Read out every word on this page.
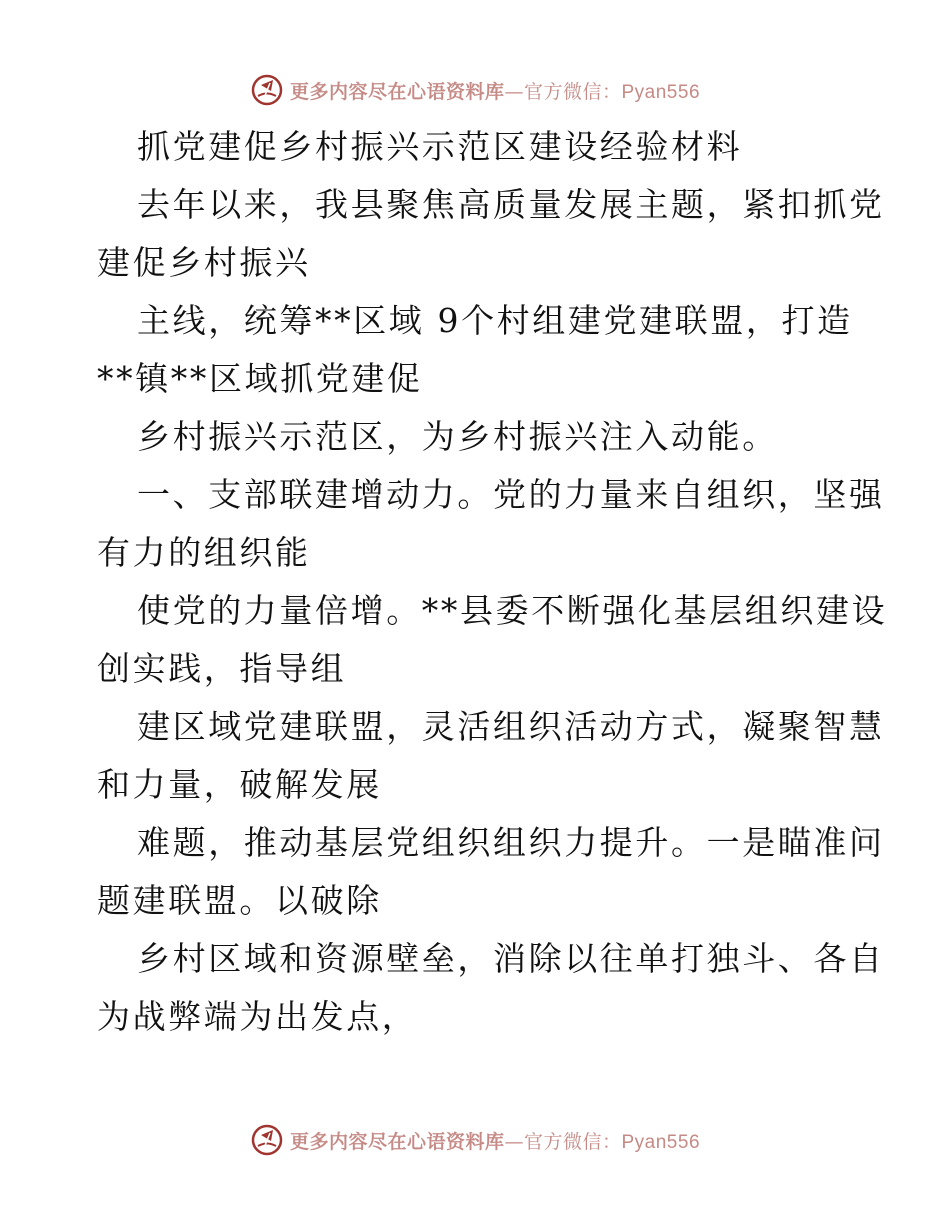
更多内容尽在心语资料库—官方微信：Pyan556

抓党建促乡村振兴示范区建设经验材料

去年以来，我县聚焦高质量发展主题，紧扣抓党

建促乡村振兴

主线，统筹**区域 9个村组建党建联盟，打造

**镇**区域抓党建促

乡村振兴示范区，为乡村振兴注入动能。

一、支部联建增动力。党的力量来自组织，坚强

有力的组织能

使党的力量倍增。**县委不断强化基层组织建设

创实践，指导组

建区域党建联盟，灵活组织活动方式，凝聚智慧

和力量，破解发展

难题，推动基层党组织组织力提升。一是瞄准问

题建联盟。以破除

乡村区域和资源壁垒，消除以往单打独斗、各自

为战弊端为出发点，

更多内容尽在心语资料库—官方微信：Pyan556
